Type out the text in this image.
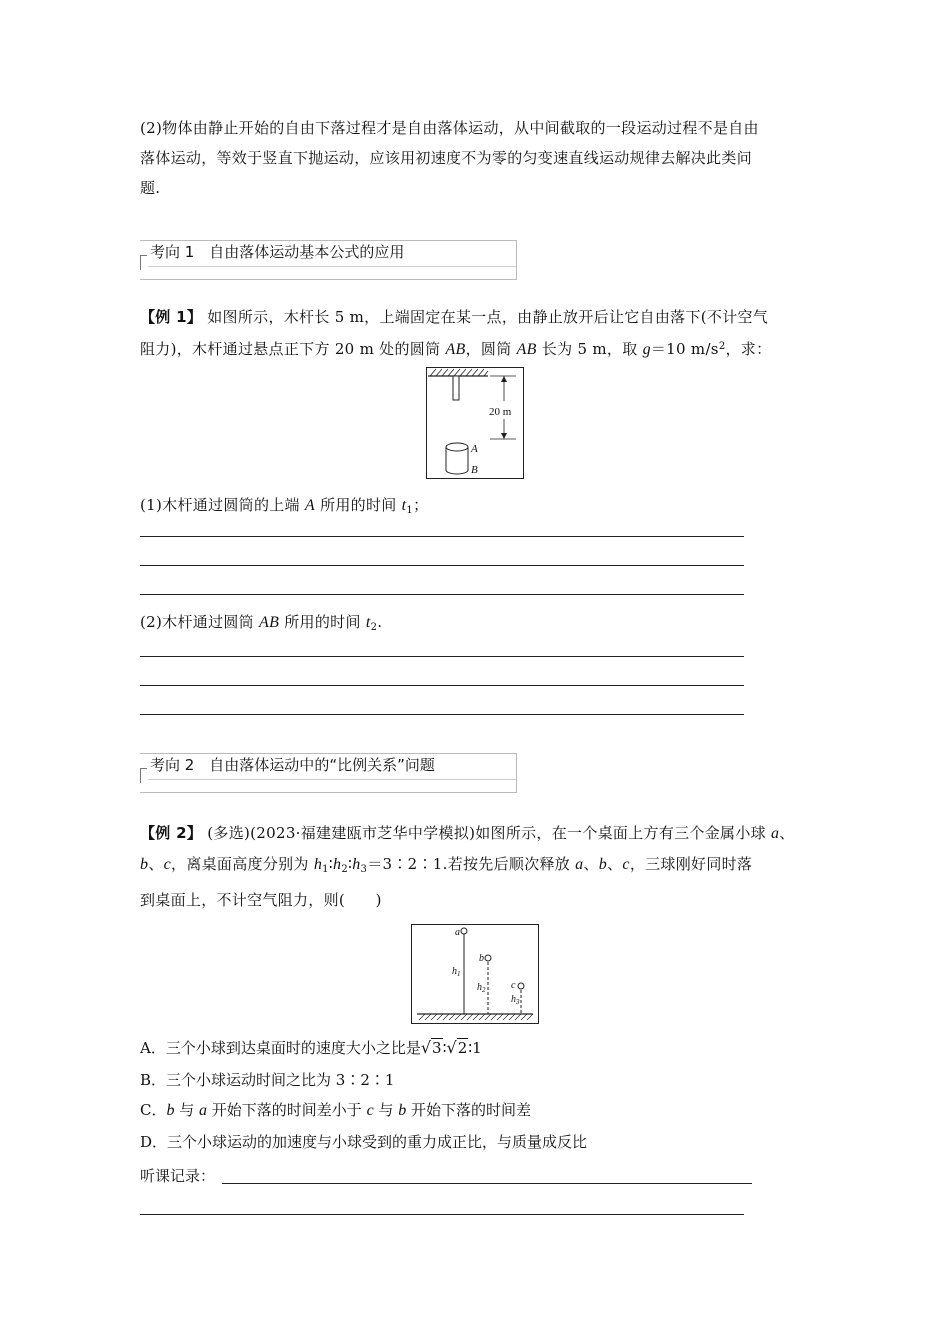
(2)物体由静止开始的自由下落过程才是自由落体运动，从中间截取的一段运动过程不是自由
落体运动，等效于竖直下抛运动，应该用初速度不为零的匀变速直线运动规律去解决此类问
题.
考向 1　自由落体运动基本公式的应用
【例 1】 如图所示，木杆长 5 m，上端固定在某一点，由静止放开后让它自由落下(不计空气
阻力)，木杆通过悬点正下方 20 m 处的圆筒 AB，圆筒 AB 长为 5 m，取 g＝10 $m/s^2$，求：
20 m
A
B
(1)木杆通过圆筒的上端 A 所用的时间 $t_1$；
(2)木杆通过圆筒 AB 所用的时间 $t_2$.
考向 2　自由落体运动中的“比例关系”问题
【例 2】 (多选)(2023·福建建瓯市芝华中学模拟)如图所示，在一个桌面上方有三个金属小球 a、
b、c，离桌面高度分别为 $h_1∶h_2∶h_3=3∶2∶1$.若按先后顺次释放 a、b、c，三球刚好同时落
到桌面上，不计空气阻力，则(　　)
a
$h_1$
b
$h_2$	c
$h_3$
A．三个小球到达桌面时的速度大小之比是√3∶√2∶1
B．三个小球运动时间之比为 3∶2∶1
C．b 与 a 开始下落的时间差小于 c 与 b 开始下落的时间差
D．三个小球运动的加速度与小球受到的重力成正比，与质量成反比
听课记录：
